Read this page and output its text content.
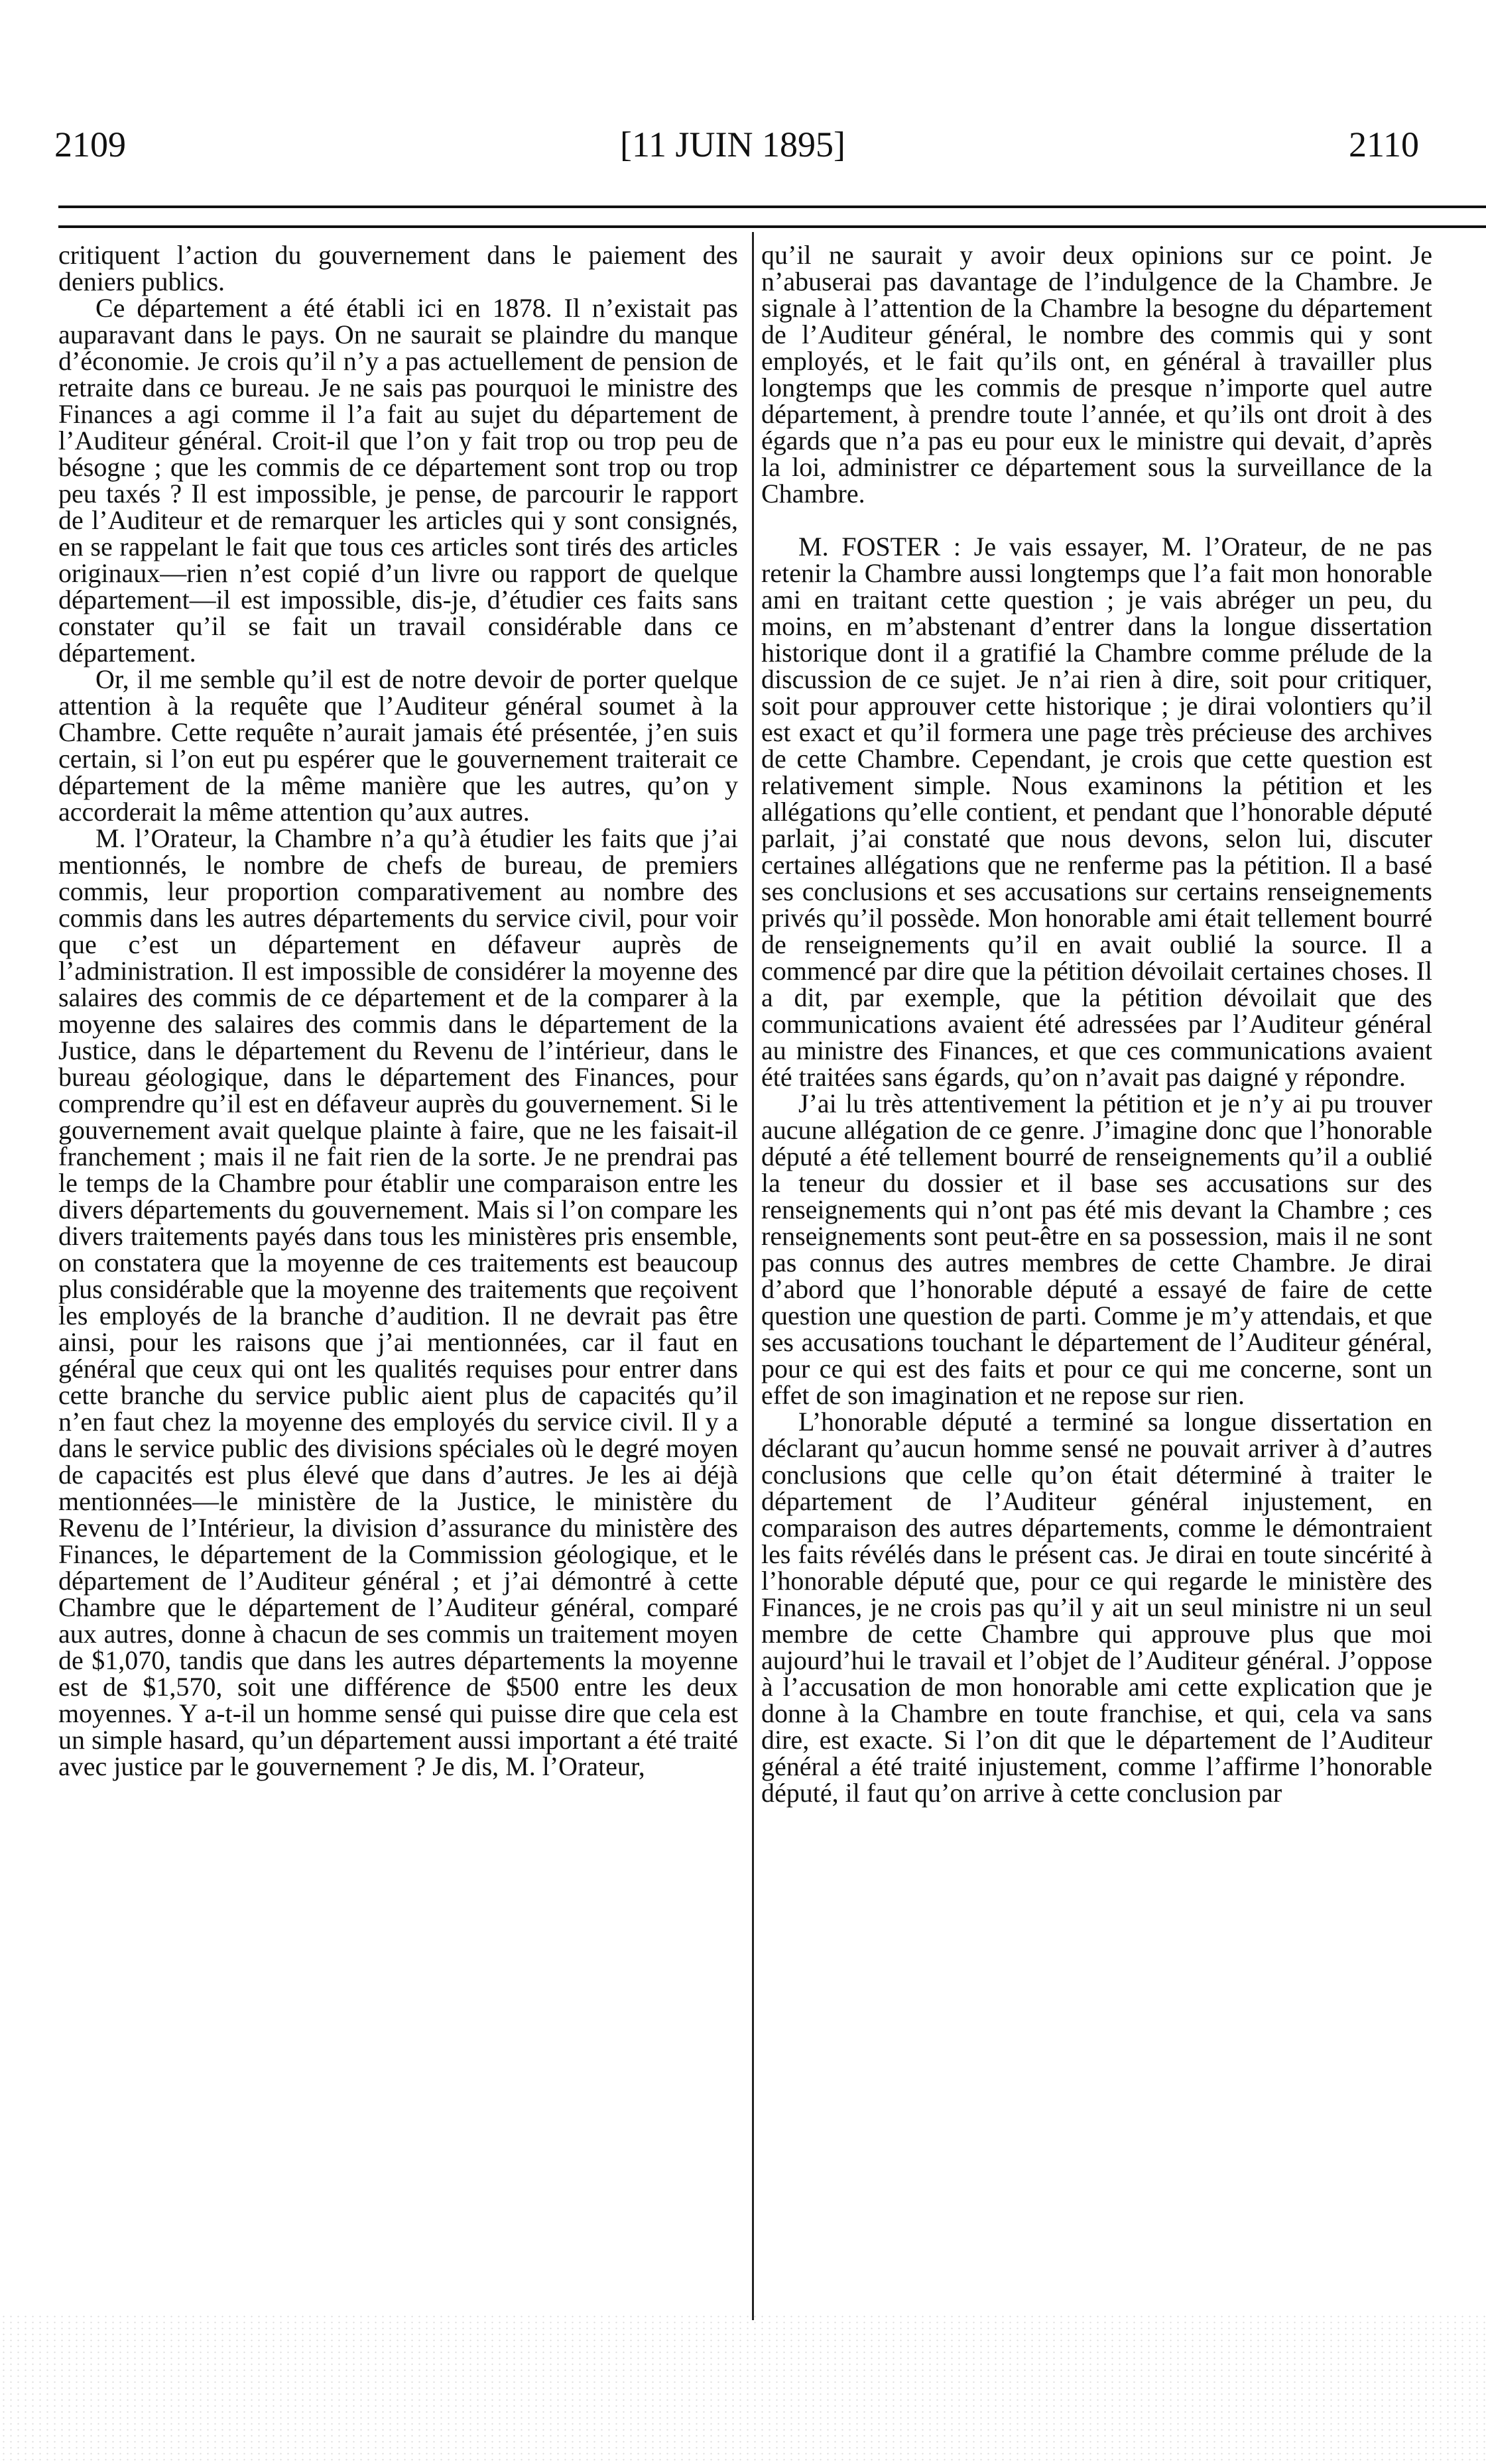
2109	[11 JUIN 1895]	2110

critiquent l’action du gouvernement dans le paiement des deniers publics.

Ce département a été établi ici en 1878. Il n’existait pas auparavant dans le pays. On ne saurait se plaindre du manque d’économie. Je crois qu’il n’y a pas actuellement de pension de retraite dans ce bureau. Je ne sais pas pourquoi le ministre des Finances a agi comme il l’a fait au sujet du département de l’Auditeur général. Croit-il que l’on y fait trop ou trop peu de bésogne ; que les commis de ce département sont trop ou trop peu taxés ? Il est impossible, je pense, de parcourir le rapport de l’Auditeur et de remarquer les articles qui y sont consignés, en se rappelant le fait que tous ces articles sont tirés des articles originaux—rien n’est copié d’un livre ou rapport de quelque département—il est impossible, dis-je, d’étudier ces faits sans constater qu’il se fait un travail considérable dans ce département.

Or, il me semble qu’il est de notre devoir de porter quelque attention à la requête que l’Auditeur général soumet à la Chambre. Cette requête n’aurait jamais été présentée, j’en suis certain, si l’on eut pu espérer que le gouvernement traiterait ce département de la même manière que les autres, qu’on y accorderait la même attention qu’aux autres.

M. l’Orateur, la Chambre n’a qu’à étudier les faits que j’ai mentionnés, le nombre de chefs de bureau, de premiers commis, leur proportion comparativement au nombre des commis dans les autres départements du service civil, pour voir que c’est un département en défaveur auprès de l’administration. Il est impossible de considérer la moyenne des salaires des commis de ce département et de la comparer à la moyenne des salaires des commis dans le département de la Justice, dans le département du Revenu de l’intérieur, dans le bureau géologique, dans le département des Finances, pour comprendre qu’il est en défaveur auprès du gouvernement. Si le gouvernement avait quelque plainte à faire, que ne les faisait-il franchement ; mais il ne fait rien de la sorte. Je ne prendrai pas le temps de la Chambre pour établir une comparaison entre les divers départements du gouvernement. Mais si l’on compare les divers traitements payés dans tous les ministères pris ensemble, on constatera que la moyenne de ces traitements est beaucoup plus considérable que la moyenne des traitements que reçoivent les employés de la branche d’audition. Il ne devrait pas être ainsi, pour les raisons que j’ai mentionnées, car il faut en général que ceux qui ont les qualités requises pour entrer dans cette branche du service public aient plus de capacités qu’il n’en faut chez la moyenne des employés du service civil. Il y a dans le service public des divisions spéciales où le degré moyen de capacités est plus élevé que dans d’autres. Je les ai déjà mentionnées—le ministère de la Justice, le ministère du Revenu de l’Intérieur, la division d’assurance du ministère des Finances, le département de la Commission géologique, et le département de l’Auditeur général ; et j’ai démontré à cette Chambre que le département de l’Auditeur général, comparé aux autres, donne à chacun de ses commis un traitement moyen de $1,070, tandis que dans les autres départements la moyenne est de $1,570, soit une différence de $500 entre les deux moyennes. Y a-t-il un homme sensé qui puisse dire que cela est un simple hasard, qu’un département aussi important a été traité avec justice par le gouvernement ? Je dis, M. l’Orateur,

qu’il ne saurait y avoir deux opinions sur ce point. Je n’abuserai pas davantage de l’indulgence de la Chambre. Je signale à l’attention de la Chambre la besogne du département de l’Auditeur général, le nombre des commis qui y sont employés, et le fait qu’ils ont, en général à travailler plus longtemps que les commis de presque n’importe quel autre département, à prendre toute l’année, et qu’ils ont droit à des égards que n’a pas eu pour eux le ministre qui devait, d’après la loi, administrer ce département sous la surveillance de la Chambre.

M. FOSTER : Je vais essayer, M. l’Orateur, de ne pas retenir la Chambre aussi longtemps que l’a fait mon honorable ami en traitant cette question ; je vais abréger un peu, du moins, en m’abstenant d’entrer dans la longue dissertation historique dont il a gratifié la Chambre comme prélude de la discussion de ce sujet. Je n’ai rien à dire, soit pour critiquer, soit pour approuver cette historique ; je dirai volontiers qu’il est exact et qu’il formera une page très précieuse des archives de cette Chambre. Cependant, je crois que cette question est relativement simple. Nous examinons la pétition et les allégations qu’elle contient, et pendant que l’honorable député parlait, j’ai constaté que nous devons, selon lui, discuter certaines allégations que ne renferme pas la pétition. Il a basé ses conclusions et ses accusations sur certains renseignements privés qu’il possède. Mon honorable ami était tellement bourré de renseignements qu’il en avait oublié la source. Il a commencé par dire que la pétition dévoilait certaines choses. Il a dit, par exemple, que la pétition dévoilait que des communications avaient été adressées par l’Auditeur général au ministre des Finances, et que ces communications avaient été traitées sans égards, qu’on n’avait pas daigné y répondre.

J’ai lu très attentivement la pétition et je n’y ai pu trouver aucune allégation de ce genre. J’imagine donc que l’honorable député a été tellement bourré de renseignements qu’il a oublié la teneur du dossier et il base ses accusations sur des renseignements qui n’ont pas été mis devant la Chambre ; ces renseignements sont peut-être en sa possession, mais il ne sont pas connus des autres membres de cette Chambre. Je dirai d’abord que l’honorable député a essayé de faire de cette question une question de parti. Comme je m’y attendais, et que ses accusations touchant le département de l’Auditeur général, pour ce qui est des faits et pour ce qui me concerne, sont un effet de son imagination et ne repose sur rien.

L’honorable député a terminé sa longue dissertation en déclarant qu’aucun homme sensé ne pouvait arriver à d’autres conclusions que celle qu’on était déterminé à traiter le département de l’Auditeur général injustement, en comparaison des autres départements, comme le démontraient les faits révélés dans le présent cas. Je dirai en toute sincérité à l’honorable député que, pour ce qui regarde le ministère des Finances, je ne crois pas qu’il y ait un seul ministre ni un seul membre de cette Chambre qui approuve plus que moi aujourd’hui le travail et l’objet de l’Auditeur général. J’oppose à l’accusation de mon honorable ami cette explication que je donne à la Chambre en toute franchise, et qui, cela va sans dire, est exacte. Si l’on dit que le département de l’Auditeur général a été traité injustement, comme l’affirme l’honorable député, il faut qu’on arrive à cette conclusion par
